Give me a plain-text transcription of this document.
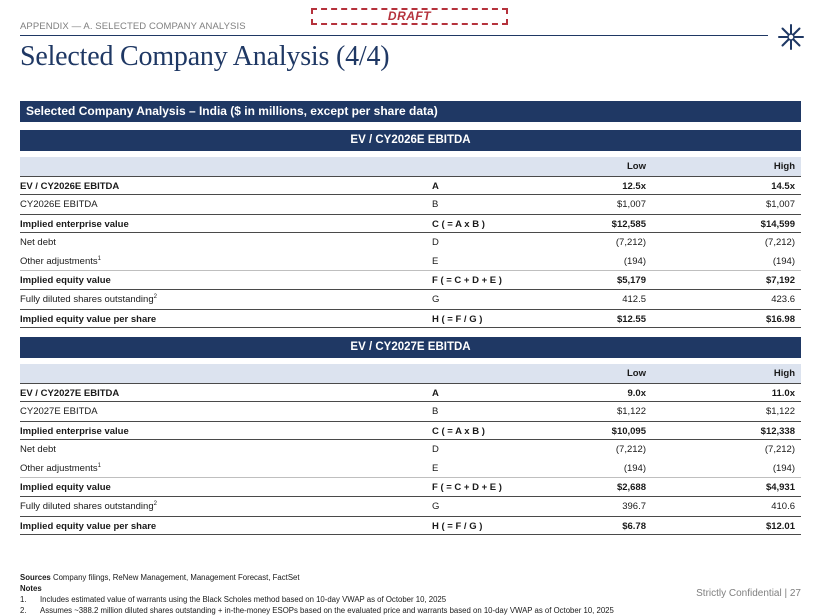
APPENDIX — A. SELECTED COMPANY ANALYSIS
DRAFT
Selected Company Analysis (4/4)
Selected Company Analysis – India ($ in millions, except per share data)
EV / CY2026E EBITDA
Low	High
EV / CY2026E EBITDA	A	12.5x	14.5x
CY2026E EBITDA	B	$1,007	$1,007
Implied enterprise value	C ( = A x B )	$12,585	$14,599
Net debt	D	(7,212)	(7,212)
Other adjustments$^1$	E	(194)	(194)
Implied equity value	F ( = C + D + E )	$5,179	$7,192
Fully diluted shares outstanding$^2$	G	412.5	423.6
Implied equity value per share	H ( = F / G )	$12.55	$16.98
EV / CY2027E EBITDA
Low	High
EV / CY2027E EBITDA	A	9.0x	11.0x
CY2027E EBITDA	B	$1,122	$1,122
Implied enterprise value	C ( = A x B )	$10,095	$12,338
Net debt	D	(7,212)	(7,212)
Other adjustments$^1$	E	(194)	(194)
Implied equity value	F ( = C + D + E )	$2,688	$4,931
Fully diluted shares outstanding$^2$	G	396.7	410.6
Implied equity value per share	H ( = F / G )	$6.78	$12.01
Sources Company filings, ReNew Management, Management Forecast, FactSet
Notes
1.	Includes estimated value of warrants using the Black Scholes method based on 10-day VWAP as of October 10, 2025
2.	Assumes ~388.2 million diluted shares outstanding + in-the-money ESOPs based on the evaluated price and warrants based on 10-day VWAP as of October 10, 2025
Strictly Confidential | 27
